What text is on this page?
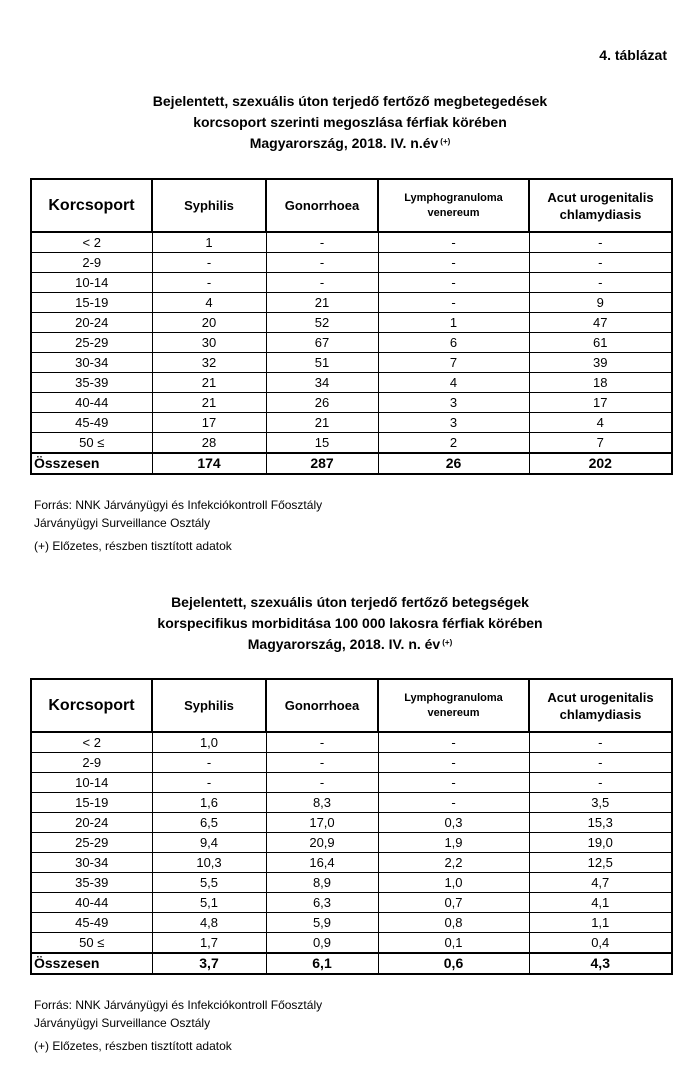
4. táblázat
Bejelentett, szexuális úton terjedő fertőző megbetegedések
korcsoport szerinti megoszlása férfiak körében
Magyarország, 2018. IV. n.év (+)
Korcsoport	Syphilis	Gonorrhoea	Lymphogranuloma venereum	Acut urogenitalis chlamydiasis
< 2	1	-	-	-
2-9	-	-	-	-
10-14	-	-	-	-
15-19	4	21	-	9
20-24	20	52	1	47
25-29	30	67	6	61
30-34	32	51	7	39
35-39	21	34	4	18
40-44	21	26	3	17
45-49	17	21	3	4
50 ≤	28	15	2	7
Összesen	174	287	26	202
Forrás: NNK Járványügyi és Infekciókontroll Főosztály
Járványügyi Surveillance Osztály
(+) Előzetes, részben tisztított adatok
Bejelentett, szexuális úton terjedő fertőző betegségek
korspecifikus morbiditása 100 000 lakosra férfiak körében
Magyarország, 2018. IV. n. év (+)
Korcsoport	Syphilis	Gonorrhoea	Lymphogranuloma venereum	Acut urogenitalis chlamydiasis
< 2	1,0	-	-	-
2-9	-	-	-	-
10-14	-	-	-	-
15-19	1,6	8,3	-	3,5
20-24	6,5	17,0	0,3	15,3
25-29	9,4	20,9	1,9	19,0
30-34	10,3	16,4	2,2	12,5
35-39	5,5	8,9	1,0	4,7
40-44	5,1	6,3	0,7	4,1
45-49	4,8	5,9	0,8	1,1
50 ≤	1,7	0,9	0,1	0,4
Összesen	3,7	6,1	0,6	4,3
Forrás: NNK Járványügyi és Infekciókontroll Főosztály
Járványügyi Surveillance Osztály
(+) Előzetes, részben tisztított adatok
